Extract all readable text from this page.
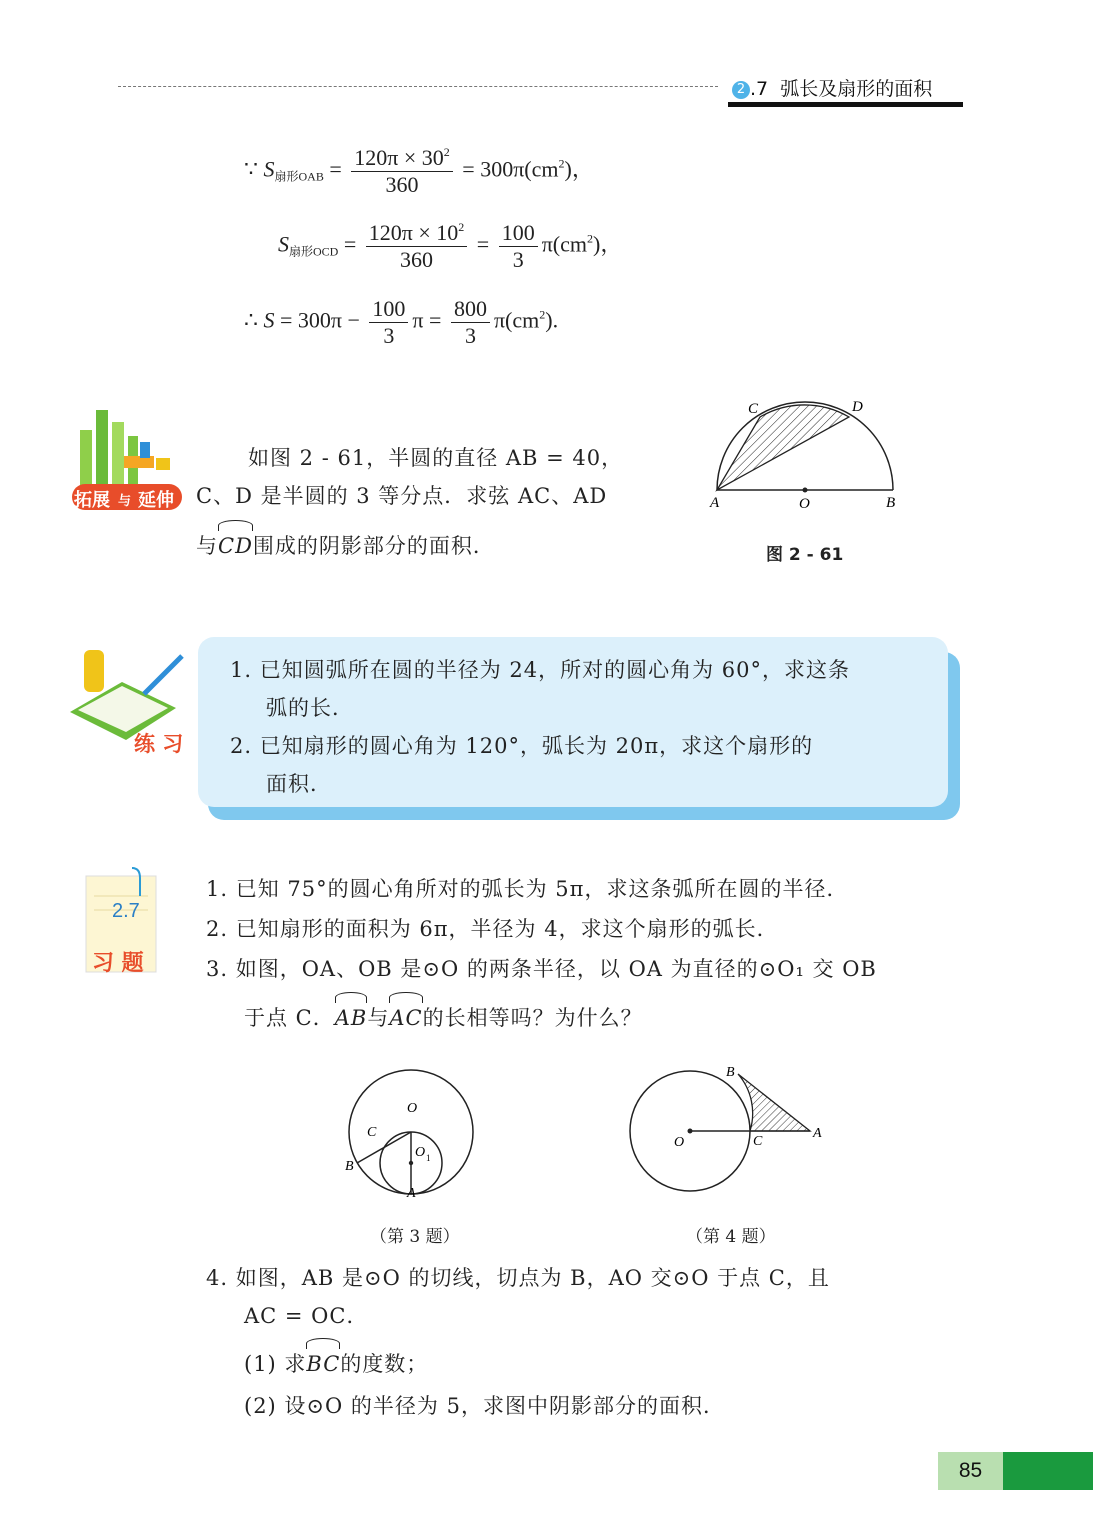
2 .7 弧长及扇形的面积
∵ $S_{扇形OAB} = \frac{120\pi \times 30^2}{360} = 300\pi(cm^2)$，
$S_{扇形OCD} = \frac{120\pi \times 10^2}{360} = \frac{100}{3} \pi(cm^2)$，
∴ $S = 300\pi - \frac{100}{3}$ $\pi = \frac{800}{3} \pi(cm^2)$.
拓展 与 延伸
如图 2 - 61，半圆的直径 AB = 40，
C、D 是半圆的 3 等分点．求弦 AC、AD
与CD围成的阴影部分的面积．
C	D
A	O	B
图 2 - 61
练 习
1. 已知圆弧所在圆的半径为 24，所对的圆心角为 60°，求这条
弧的长．
2. 已知扇形的圆心角为 120°，弧长为 20π，求这个扇形的
面积．
2.7
习 题
1. 已知 75°的圆心角所对的弧长为 5π，求这条弧所在圆的半径．
2. 已知扇形的面积为 6π，半径为 4，求这个扇形的弧长．
3. 如图，OA、OB 是⊙O 的两条半径，以 OA 为直径的⊙O₁ 交 OB
于点 C．AB与AC的长相等吗？为什么？
O
O 1
C
B
A
（第 3 题）
O	C
B
A
（第 4 题）
4. 如图，AB 是⊙O 的切线，切点为 B，AO 交⊙O 于点 C，且
AC = OC．
(1) 求BC的度数；
(2) 设⊙O 的半径为 5，求图中阴影部分的面积．
85
